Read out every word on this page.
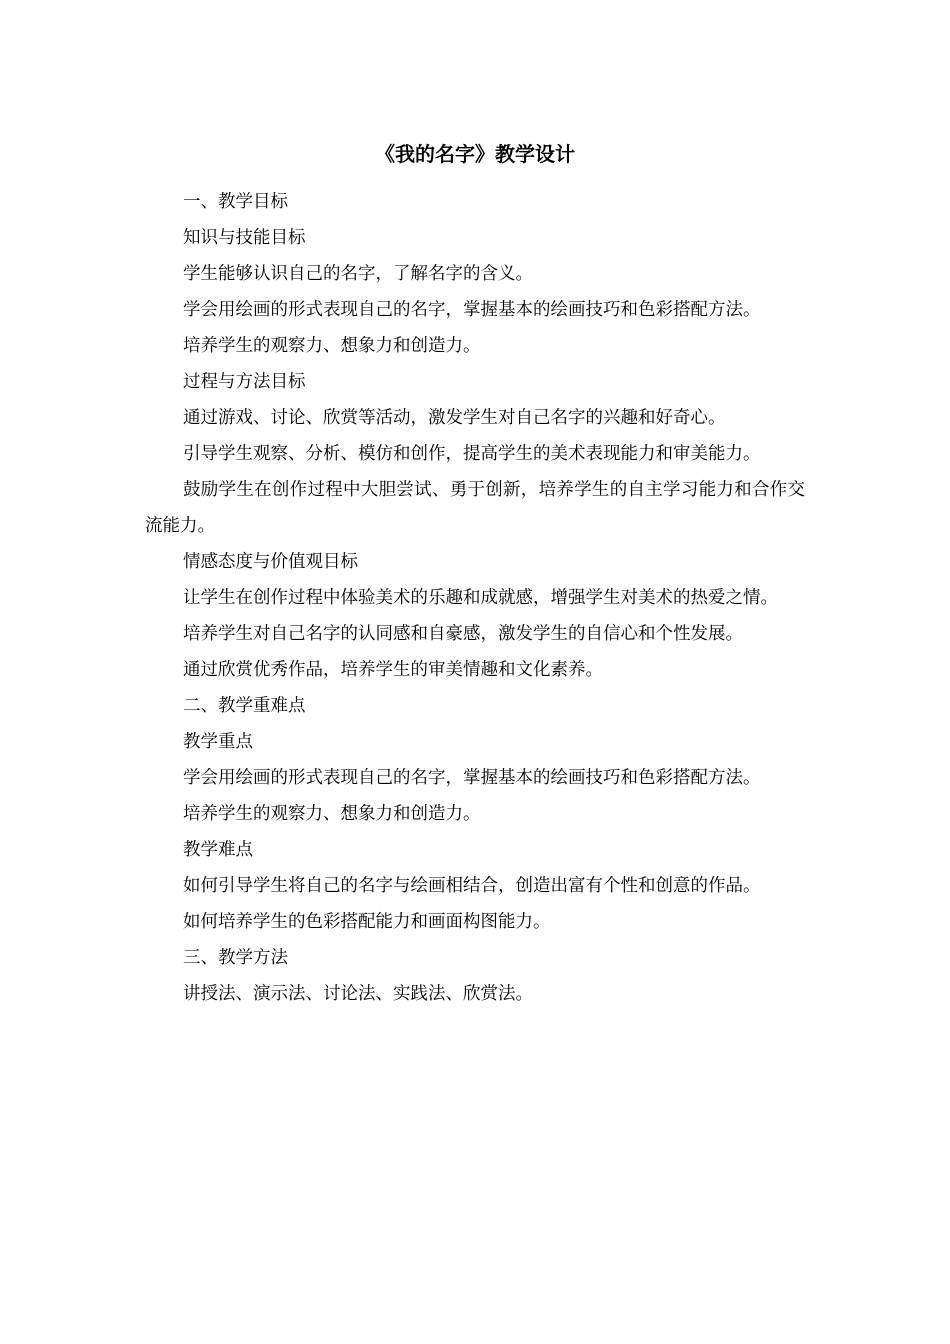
《我的名字》教学设计

一、教学目标

知识与技能目标

学生能够认识自己的名字，了解名字的含义。

学会用绘画的形式表现自己的名字，掌握基本的绘画技巧和色彩搭配方法。

培养学生的观察力、想象力和创造力。

过程与方法目标

通过游戏、讨论、欣赏等活动，激发学生对自己名字的兴趣和好奇心。

引导学生观察、分析、模仿和创作，提高学生的美术表现能力和审美能力。

鼓励学生在创作过程中大胆尝试、勇于创新，培养学生的自主学习能力和合作交流能力。

情感态度与价值观目标

让学生在创作过程中体验美术的乐趣和成就感，增强学生对美术的热爱之情。

培养学生对自己名字的认同感和自豪感，激发学生的自信心和个性发展。

通过欣赏优秀作品，培养学生的审美情趣和文化素养。

二、教学重难点

教学重点

学会用绘画的形式表现自己的名字，掌握基本的绘画技巧和色彩搭配方法。

培养学生的观察力、想象力和创造力。

教学难点

如何引导学生将自己的名字与绘画相结合，创造出富有个性和创意的作品。

如何培养学生的色彩搭配能力和画面构图能力。

三、教学方法

讲授法、演示法、讨论法、实践法、欣赏法。
